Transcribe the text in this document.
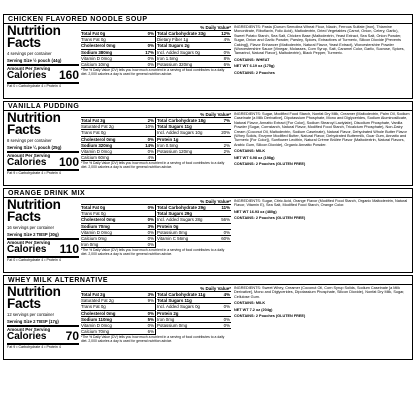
CHICKEN FLAVORED NOODLE SOUP
Nutrition
Facts
4 servings per container
Serving Size ½ pouch (44g)
Amount Per Serving
Calories	160
Fat 0 • Carbohydrate 4 • Protein 4
% Daily Value*
Total Fat 0g	0%
Trans Fat 0g
Cholesterol 0mg	0%
Sodium 380mg	17%
Vitamin D 0mcg	0%
Calcium 10mg	0%
Total Carbohydrate 33g	12%
Dietary Fiber 1g	4%
Total Sugars 2g
Incl. Added Sugars 0g	0%
Iron 1.5mg	8%
Potassium 320mg	6%
*The % Daily Value (DV) tells you how much a nutrient in a serving of food contributes to a daily diet. 2,000 calories a day is used for general nutrition advice.
INGREDIENTS: Pasta (Durum Semolina Wheat Flour, Niacin, Ferrous Sulfate [Iron], Thiamine Mononitrate, Riboflavin, Folic Acid), Maltodextrin, Dried Vegetables (Carrot, Onion, Celery, Garlic), Sweet Potato Starch, Sea Salt, Chicken Base (Maltodextrin, Yeast Extract, Sea Salt, Onion Powder, Sugar, Onion and Garlic Powder, Parsley, Spices, Extractives of Turmeric, Silicon Dioxide [Prevents Caking]), Flavor Enhancer (Maltodextrin, Natural Flavor, Yeast Extract), Worcestershire Powder (Worcestershire Sauce [Vinegar, Molasses, Corn Syrup, Salt, Caramel Color, Garlic, Sucrose, Spices, Tamarind, Natural Flavor], Maltodextrin), Black Pepper, Turmeric.
CONTAINS: WHEAT
NET WT 6.19 oz (175g)
CONTAINS: 2 Pouches
VANILLA PUDDING
Nutrition
Facts
8 servings per container
Serving Size ¼ pouch (25g)
Amount Per Serving
Calories	100
Fat 9 • Carbohydrate 4 • Protein 4
% Daily Value*
Total Fat 3g	2%
Saturated Fat 2g	10%
Trans Fat 0g
Cholesterol 0mg	0%
Sodium 320mg	14%
Vitamin D 0mcg	0%
Calcium 60mg	4%
Total Carbohydrate 18g	7%
Total Sugars 11g
Incl. Added Sugars 10g	20%
Protein 1g
Iron 0.5mg	2%
Potassium 120mg	2%
*The % Daily Value (DV) tells you how much a nutrient in a serving of food contributes to a daily diet. 2,000 calories a day is used for general nutrition advice.
INGREDIENTS: Sugar, Modified Food Starch, Nonfat Dry Milk, Creamer (Maltodextrin, Palm Oil, Sodium Caseinate [a Milk Derivative], Dipotassium Phosphate, Mono and Diglycerides, Sodium Aluminosilicate, Natural Flavor, Annatto Extract [For Color], Sodium Stearoyl Lactylate), Disodium Phosphate, Vanilla Powder (Sugar, Cornstarch, Natural Flavor, Modified Food Starch, Tricalcium Phosphate), Non-Dairy Cream (Coconut Oil, Maltodextrin, Sodium Caseinate), Natural Flavor, Dehydrated Whole Butter Flavor (Whey Solids, Enzyme Modified Butter, Natural Flavor, Dehydrated Buttermilk, Guar Gum, Annatto and Turmeric [For Color]), Sunflower Lecithin, Natural Crème Brûlée Flavor (Maltodextrin, Natural Flavors, Arabic Gum, Silicon Dioxide), Organic Annatto Powder.
CONTAINS: MILK
NET WT 6.98 oz (198g)
CONTAINS: 2 Pouches (GLUTEN FREE)
ORANGE DRINK MIX
Nutrition
Facts
16 servings per container
Serving Size 2 TBSP (30g)
Amount Per Serving
Calories	110
Fat 0 • Carbohydrate 4 • Protein 4
% Daily Value*
Total Fat 0g	0%
Trans Fat 0g
Cholesterol 0mg	0%
Sodium 70mg	3%
Vitamin D 0mcg	0%
Calcium 0mg	0%
Iron 0mg	0%
Total Carbohydrate 29g	11%
Total Sugars 29g
Incl. Added Sugars 28g	56%
Protein 0g
Potassium 0mg	0%
Vitamin C 56mg	60%
*The % Daily Value (DV) tells you how much a nutrient in a serving of food contributes to a daily diet. 2,000 calories a day is used for general nutrition advice.
INGREDIENTS: Sugar, Citric Acid, Orange Flavor (Modified Food Starch, Organic Maltodextrin, Natural Flavor, Vitamin E), Sea Salt, Modified Food Starch, Orange Color.
NET WT 16.93 oz (480g)
CONTAINS: 2 Pouches (GLUTEN FREE)
WHEY MILK ALTERNATIVE
Nutrition
Facts
12 servings per container
Serving Size 2 TBSP (17g)
Amount Per Serving
Calories	70
Fat 9 • Carbohydrate 4 • Protein 4
% Daily Value*
Total Fat 2g	3%
Saturated Fat 2g	9%
Trans Fat 0g
Cholesterol 0mg	0%
Sodium 110mg	5%
Vitamin D 0mcg	0%
Calcium 70mg	6%
Total Carbohydrate 11g	4%
Total Sugars 11g
Incl. Added Sugars 0g	0%
Protein 2g
Iron 0mg	0%
Potassium 0mg	0%
*The % Daily Value (DV) tells you how much a nutrient in a serving of food contributes to a daily diet. 2,000 calories a day is used for general nutrition advice.
INGREDIENTS: Sweet Whey, Creamer (Coconut Oil, Corn Syrup Solids, Sodium Caseinate [a Milk Derivative], Mono and Diglycerides, Dipotassium Phosphate, Silicon Dioxide), Nonfat Dry Milk, Sugar, Cellulose Gum.
CONTAINS: MILK
NET WT 7.2 oz (204g)
CONTAINS: 2 Pouches (GLUTEN FREE)
